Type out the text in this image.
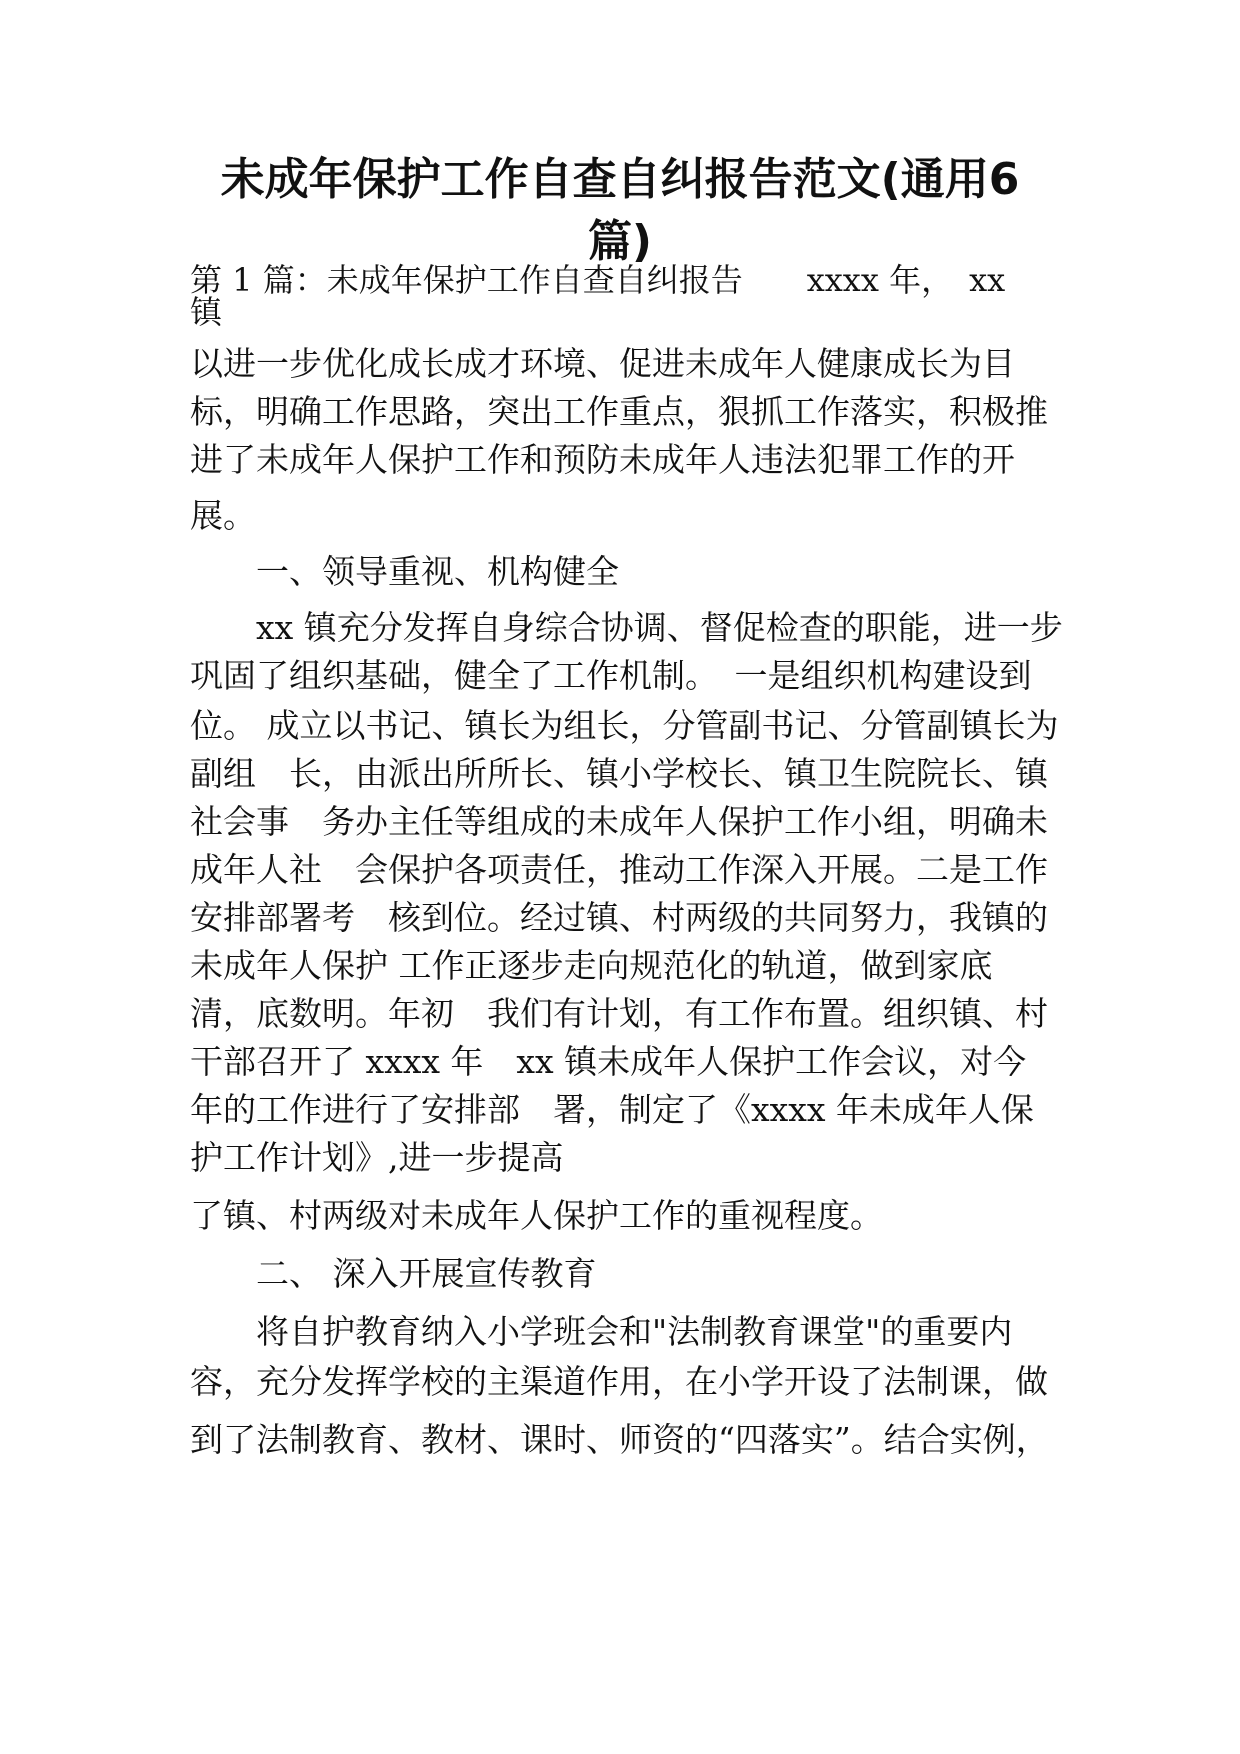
未成年保护工作自查自纠报告范文(通用6
篇)

第 1 篇：未成年保护工作自查自纠报告　　xxxx 年，　xx

镇

以进一步优化成长成才环境、促进未成年人健康成长为目

标，明确工作思路，突出工作重点，狠抓工作落实，积极推

进了未成年人保护工作和预防未成年人违法犯罪工作的开

展。

　　一、领导重视、机构健全

　　xx 镇充分发挥自身综合协调、督促检查的职能，进一步

巩固了组织基础，健全了工作机制。　一是组织机构建设到

位。 成立以书记、镇长为组长，分管副书记、分管副镇长为

副组　长，由派出所所长、镇小学校长、镇卫生院院长、镇

社会事　务办主任等组成的未成年人保护工作小组，明确未

成年人社　会保护各项责任，推动工作深入开展。二是工作

安排部署考　核到位。经过镇、村两级的共同努力，我镇的

未成年人保护 工作正逐步走向规范化的轨道，做到家底

清，底数明。年初　我们有计划，有工作布置。组织镇、村

干部召开了 xxxx 年　xx 镇未成年人保护工作会议，对今

年的工作进行了安排部　署，制定了《xxxx 年未成年人保

护工作计划》,进一步提高

了镇、村两级对未成年人保护工作的重视程度。

　　二、 深入开展宣传教育

　　将自护教育纳入小学班会和"法制教育课堂"的重要内

容，充分发挥学校的主渠道作用，在小学开设了法制课，做

到了法制教育、教材、课时、师资的“四落实”。结合实例，
